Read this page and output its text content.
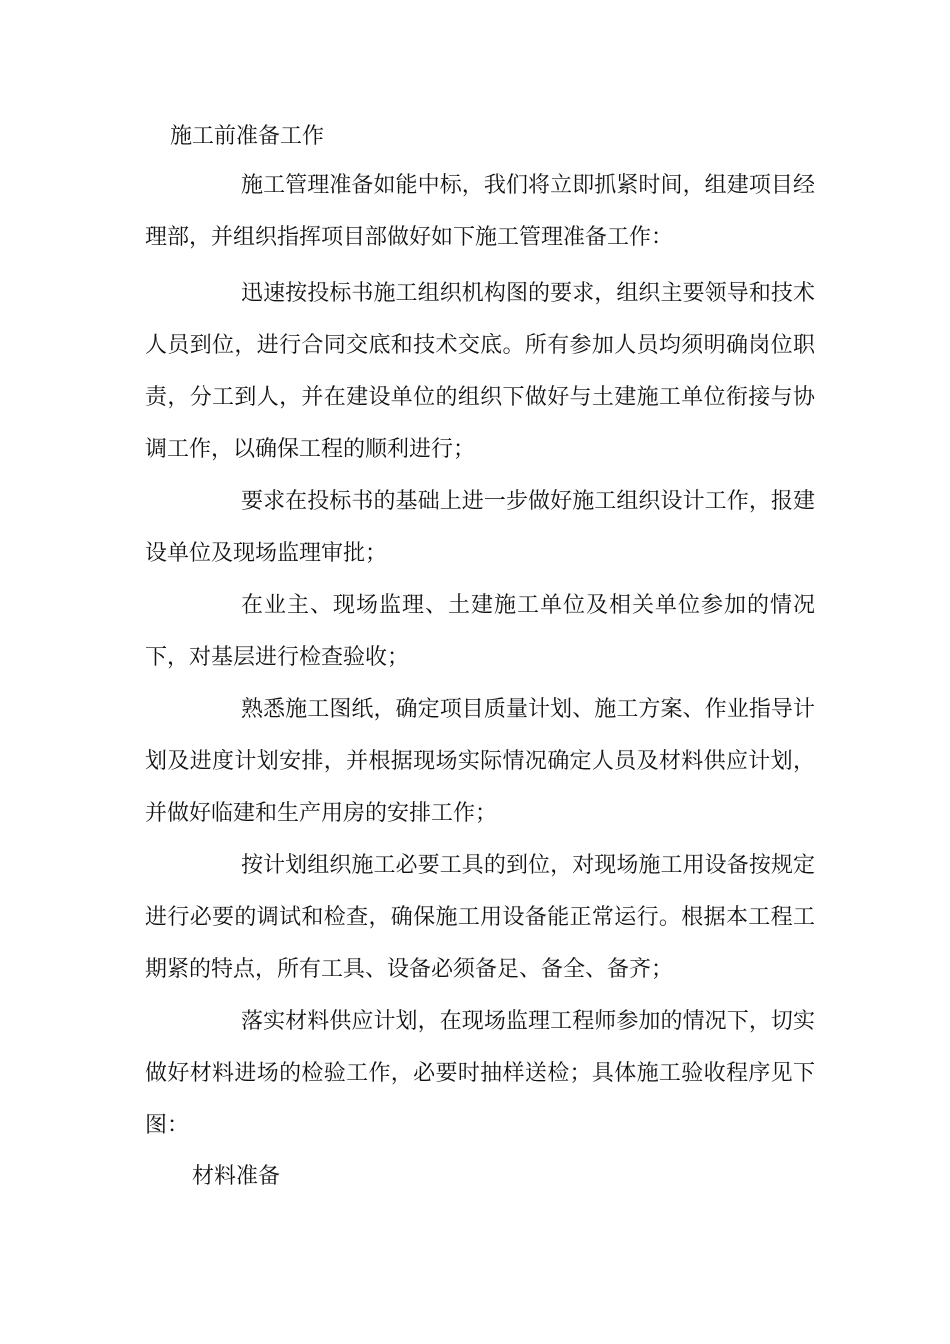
施工前准备工作

施工管理准备如能中标，我们将立即抓紧时间，组建项目经理部，并组织指挥项目部做好如下施工管理准备工作：

迅速按投标书施工组织机构图的要求，组织主要领导和技术人员到位，进行合同交底和技术交底。所有参加人员均须明确岗位职责，分工到人，并在建设单位的组织下做好与土建施工单位衔接与协调工作，以确保工程的顺利进行；

要求在投标书的基础上进一步做好施工组织设计工作，报建设单位及现场监理审批；

在业主、现场监理、土建施工单位及相关单位参加的情况下，对基层进行检查验收；

熟悉施工图纸，确定项目质量计划、施工方案、作业指导计划及进度计划安排，并根据现场实际情况确定人员及材料供应计划，并做好临建和生产用房的安排工作；

按计划组织施工必要工具的到位，对现场施工用设备按规定进行必要的调试和检查，确保施工用设备能正常运行。根据本工程工期紧的特点，所有工具、设备必须备足、备全、备齐；

落实材料供应计划，在现场监理工程师参加的情况下，切实做好材料进场的检验工作，必要时抽样送检；具体施工验收程序见下图：

材料准备
